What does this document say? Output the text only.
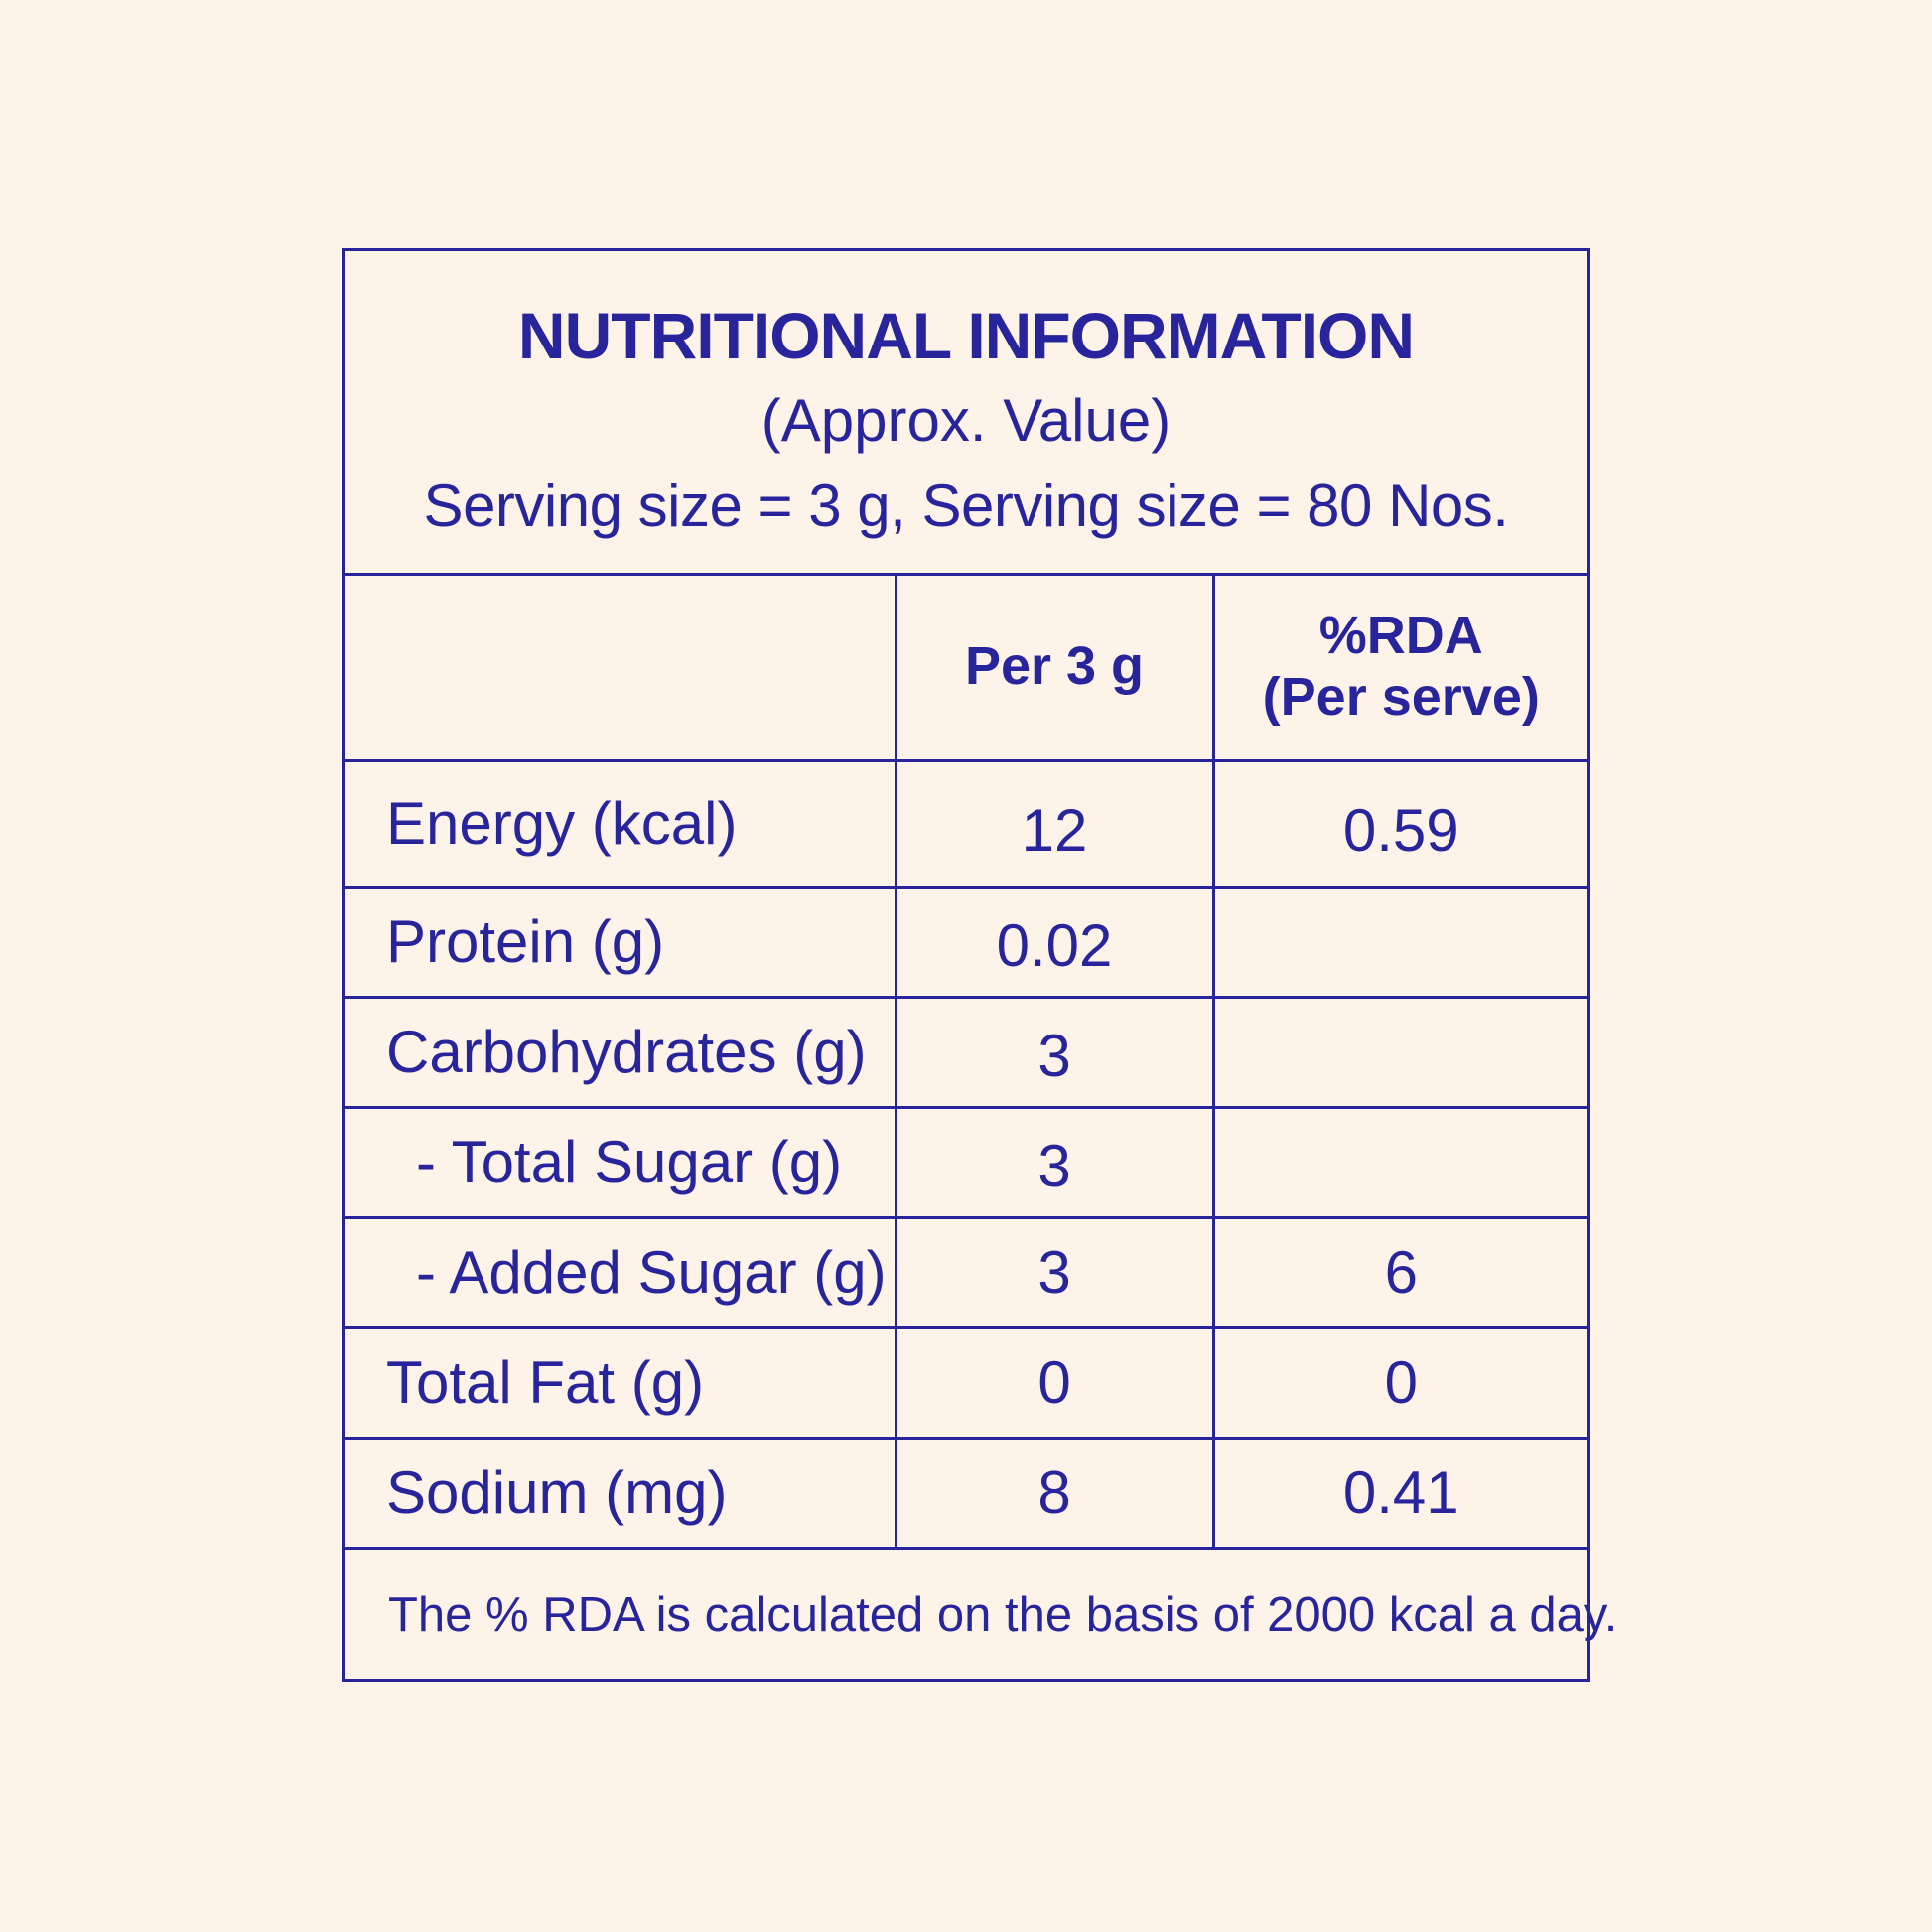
NUTRITIONAL INFORMATION
(Approx. Value)
Serving size = 3 g, Serving size = 80 Nos.
	Per 3 g	%RDA
(Per serve)

Energy (kcal)	12	0.59
Protein (g)	0.02	
Carbohydrates (g)	3	
- Total Sugar (g)	3	
- Added Sugar (g)	3	6
Total Fat (g)	0	0
Sodium (mg)	8	0.41
The % RDA is calculated on the basis of 2000 kcal a day.
